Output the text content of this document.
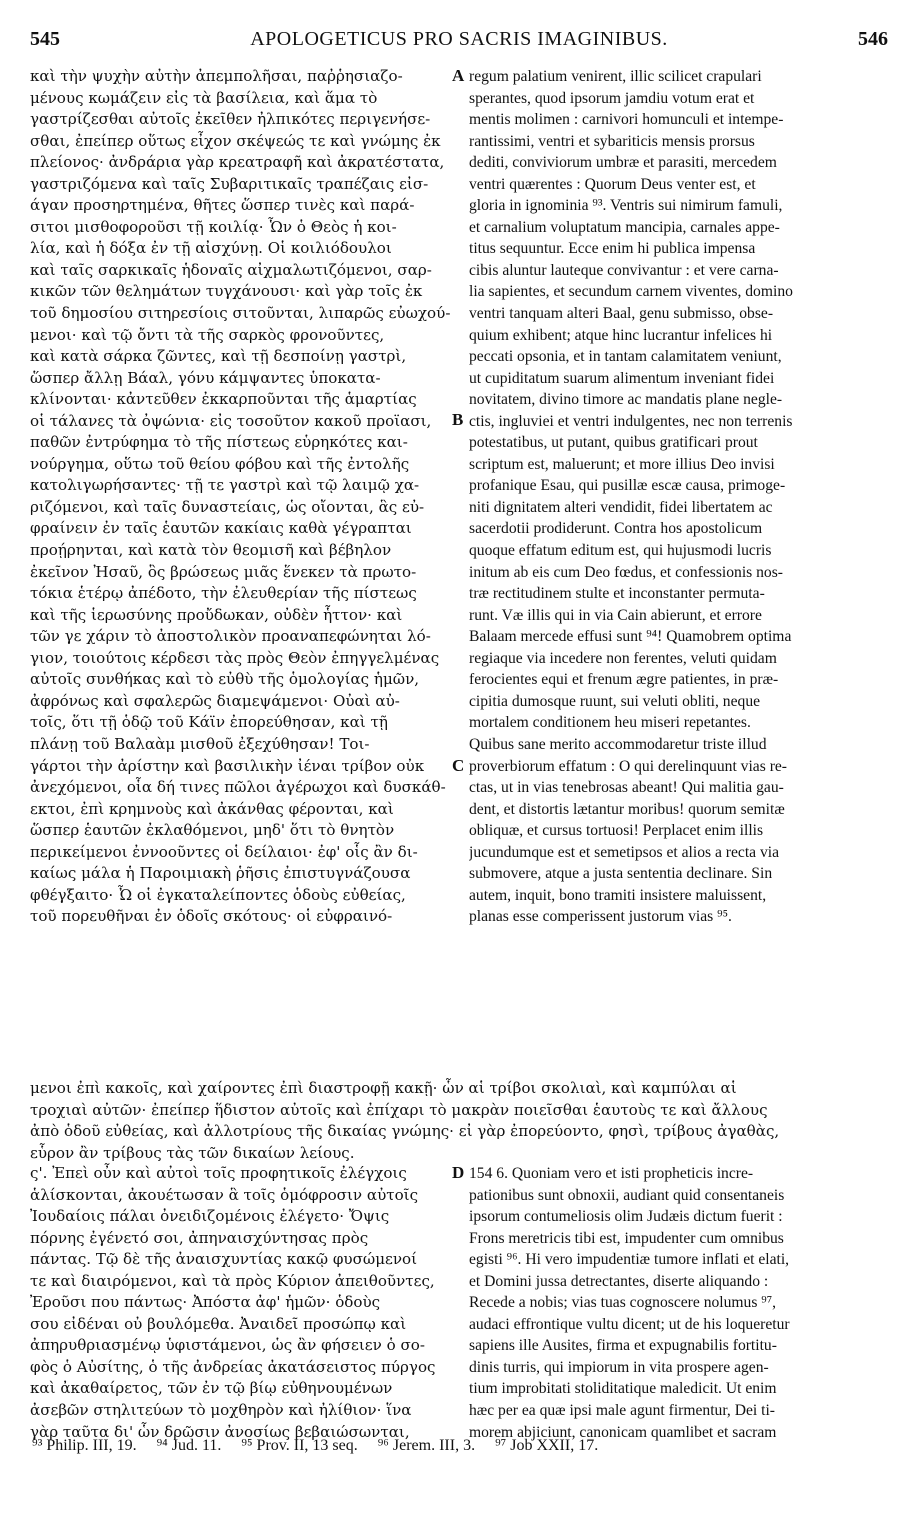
545	APOLOGETICUS PRO SACRIS IMAGINIBUS.	546
καὶ τὴν ψυχὴν αὐτὴν ἀπεμπολῆσαι, παῤῥησιαζο-
μένους κωμάζειν εἰς τὰ βασίλεια, καὶ ἅμα τὸ
γαστρίζεσθαι αὐτοῖς ἐκεῖθεν ἠλπικότες περιγενήσε-
σθαι, ἐπείπερ οὕτως εἶχον σκέψεώς τε καὶ γνώμης ἐκ
πλείονος· ἀνδράρια γὰρ κρεατραφῆ καὶ ἀκρατέστατα,
γαστριζόμενα καὶ ταῖς Συβαριτικαῖς τραπέζαις εἰσ-
άγαν προσηρτημένα, θῆτες ὥσπερ τινὲς καὶ παρά-
σιτοι μισθοφοροῦσι τῇ κοιλίᾳ· Ὧν ὁ Θεὸς ἡ κοι-
λία, καὶ ἡ δόξα ἐν τῇ αἰσχύνῃ. Οἱ κοιλιόδουλοι
καὶ ταῖς σαρκικαῖς ἡδοναῖς αἰχμαλωτιζόμενοι, σαρ-
κικῶν τῶν θελημάτων τυγχάνουσι· καὶ γὰρ τοῖς ἐκ
τοῦ δημοσίου σιτηρεσίοις σιτοῦνται, λιπαρῶς εὐωχού-
μενοι· καὶ τῷ ὄντι τὰ τῆς σαρκὸς φρονοῦντες,
καὶ κατὰ σάρκα ζῶντες, καὶ τῇ δεσποίνῃ γαστρὶ,
ὥσπερ ἄλλῃ Βάαλ, γόνυ κάμψαντες ὑποκατα-
κλίνονται· κἀντεῦθεν ἐκκαρποῦνται τῆς ἁμαρτίας
οἱ τάλανες τὰ ὀψώνια· εἰς τοσοῦτον κακοῦ προϊασι,
παθῶν ἐντρύφημα τὸ τῆς πίστεως εὑρηκότες και-
νούργημα, οὕτω τοῦ θείου φόβου καὶ τῆς ἐντολῆς
κατολιγωρήσαντες· τῇ τε γαστρὶ καὶ τῷ λαιμῷ χα-
ριζόμενοι, καὶ ταῖς δυναστείαις, ὡς οἴονται, ἃς εὐ-
φραίνειν ἐν ταῖς ἑαυτῶν κακίαις καθὰ γέγραπται
προῄρηνται, καὶ κατὰ τὸν θεομισῆ καὶ βέβηλον
ἐκεῖνον Ἠσαῦ, ὃς βρώσεως μιᾶς ἕνεκεν τὰ πρωτο-
τόκια ἑτέρῳ ἀπέδοτο, τὴν ἐλευθερίαν τῆς πίστεως
καὶ τῆς ἱερωσύνης προὔδωκαν, οὐδὲν ἧττον· καὶ
τῶν γε χάριν τὸ ἀποστολικὸν προαναπεφώνηται λό-
γιον, τοιούτοις κέρδεσι τὰς πρὸς Θεὸν ἐπηγγελμένας
αὐτοῖς συνθήκας καὶ τὸ εὐθὺ τῆς ὁμολογίας ἡμῶν,
ἀφρόνως καὶ σφαλερῶς διαμεψάμενοι· Οὐαὶ αὐ-
τοῖς, ὅτι τῇ ὁδῷ τοῦ Κάϊν ἐπορεύθησαν, καὶ τῇ
πλάνῃ τοῦ Βαλαὰμ μισθοῦ ἐξεχύθησαν! Τοι-
γάρτοι τὴν ἀρίστην καὶ βασιλικὴν ἰέναι τρίβον οὐκ
ἀνεχόμενοι, οἷα δή τινες πῶλοι ἀγέρωχοι καὶ δυσκάθ-
εκτοι, ἐπὶ κρημνοὺς καὶ ἀκάνθας φέρονται, καὶ
ὥσπερ ἑαυτῶν ἐκλαθόμενοι, μηδ' ὅτι τὸ θνητὸν
περικείμενοι ἐννοοῦντες οἱ δείλαιοι· ἐφ' οἷς ἂν δι-
καίως μάλα ἡ Παροιμιακὴ ῥῆσις ἐπιστυγνάζουσα
φθέγξαιτο· Ὦ οἱ ἐγκαταλείποντες ὁδοὺς εὐθείας,
τοῦ πορευθῆναι ἐν ὁδοῖς σκότους· οἱ εὐφραινό-
regum palatium venirent, illic scilicet crapulari
sperantes, quod ipsorum jamdiu votum erat et
mentis molimen : carnivori homunculi et intempe-
rantissimi, ventri et sybariticis mensis prorsus
dediti, conviviorum umbræ et parasiti, mercedem
ventri quærentes : Quorum Deus venter est, et
gloria in ignominia ⁹³. Ventris sui nimirum famuli,
et carnalium voluptatum mancipia, carnales appe-
titus sequuntur. Ecce enim hi publica impensa
cibis aluntur lauteque convivantur : et vere carna-
lia sapientes, et secundum carnem viventes, domino
ventri tanquam alteri Baal, genu submisso, obse-
quium exhibent; atque hinc lucrantur infelices hi
peccati opsonia, et in tantam calamitatem veniunt,
ut cupiditatum suarum alimentum inveniant fidei
novitatem, divino timore ac mandatis plane negle-
ctis, ingluviei et ventri indulgentes, nec non terrenis
potestatibus, ut putant, quibus gratificari prout
scriptum est, maluerunt; et more illius Deo invisi
profanique Esau, qui pusillæ escæ causa, primoge-
niti dignitatem alteri vendidit, fidei libertatem ac
sacerdotii prodiderunt. Contra hos apostolicum
quoque effatum editum est, qui hujusmodi lucris
initum ab eis cum Deo fœdus, et confessionis nos-
træ rectitudinem stulte et inconstanter permuta-
runt. Væ illis qui in via Cain abierunt, et errore
Balaam mercede effusi sunt ⁹⁴! Quamobrem optima
regiaque via incedere non ferentes, veluti quidam
ferocientes equi et frenum ægre patientes, in præ-
cipitia dumosque ruunt, sui veluti obliti, neque
mortalem conditionem heu miseri repetantes.
Quibus sane merito accommodaretur triste illud
proverbiorum effatum : O qui derelinquunt vias re-
ctas, ut in vias tenebrosas abeant! Qui malitia gau-
dent, et distortis lætantur moribus! quorum semitæ
obliquæ, et cursus tortuosi! Perplacet enim illis
jucundumque est et semetipsos et alios a recta via
submovere, atque a justa sententia declinare. Sin
autem, inquit, bono tramiti insistere maluissent,
planas esse comperissent justorum vias ⁹⁵.
A
B
C
D
μενοι ἐπὶ κακοῖς, καὶ χαίροντες ἐπὶ διαστροφῇ κακῇ· ὧν αἱ τρίβοι σκολιαὶ, καὶ καμπύλαι αἱ
τροχιαὶ αὐτῶν· ἐπείπερ ἥδιστον αὐτοῖς καὶ ἐπίχαρι τὸ μακρὰν ποιεῖσθαι ἑαυτοὺς τε καὶ ἄλλους
ἀπὸ ὁδοῦ εὐθείας, καὶ ἀλλοτρίους τῆς δικαίας γνώμης· εἰ γὰρ ἐπορεύοντο, φησὶ, τρίβους ἀγαθὰς,
εὗρον ἂν τρίβους τὰς τῶν δικαίων λείους.
ς'. Ἐπεὶ οὖν καὶ αὐτοὶ τοῖς προφητικοῖς ἐλέγχοις
ἁλίσκονται, ἀκουέτωσαν ἃ τοῖς ὁμόφροσιν αὐτοῖς
Ἰουδαίοις πάλαι ὀνειδιζομένοις ἐλέγετο· Ὄψις
πόρνης ἐγένετό σοι, ἀπηναισχύντησας πρὸς
πάντας. Τῷ δὲ τῆς ἀναισχυντίας κακῷ φυσώμενοί
τε καὶ διαιρόμενοι, καὶ τὰ πρὸς Κύριον ἀπειθοῦντες,
Ἐροῦσι που πάντως· Ἀπόστα ἀφ' ἡμῶν· ὁδοὺς
σου εἰδέναι οὐ βουλόμεθα. Ἀναιδεῖ προσώπῳ καὶ
ἀπηρυθριασμένῳ ὑφιστάμενοι, ὡς ἂν φήσειεν ὁ σο-
φὸς ὁ Αὐσίτης, ὁ τῆς ἀνδρείας ἀκατάσειστος πύργος
καὶ ἀκαθαίρετος, τῶν ἐν τῷ βίῳ εὐθηνουμένων
ἀσεβῶν στηλιτεύων τὸ μοχθηρὸν καὶ ἠλίθιον· ἵνα
γὰρ ταῦτα δι' ὧν δρῶσιν ἀνοσίως βεβαιώσωνται,
154 6. Quoniam vero et isti propheticis incre-
pationibus sunt obnoxii, audiant quid consentaneis
ipsorum contumeliosis olim Judæis dictum fuerit :
Frons meretricis tibi est, impudenter cum omnibus
egisti ⁹⁶. Hi vero impudentiæ tumore inflati et elati,
et Domini jussa detrectantes, diserte aliquando :
Recede a nobis; vias tuas cognoscere nolumus ⁹⁷,
audaci effrontique vultu dicent; ut de his loqueretur
sapiens ille Ausites, firma et expugnabilis fortitu-
dinis turris, qui impiorum in vita prospere agen-
tium improbitati stoliditatique maledicit. Ut enim
hæc per ea quæ ipsi male agunt firmentur, Dei ti-
morem abjiciunt, canonicam quamlibet et sacram
⁹³ Philip. III, 19. ⁹⁴ Jud. 11. ⁹⁵ Prov. II, 13 seq. ⁹⁶ Jerem. III, 3. ⁹⁷ Job XXII, 17.
